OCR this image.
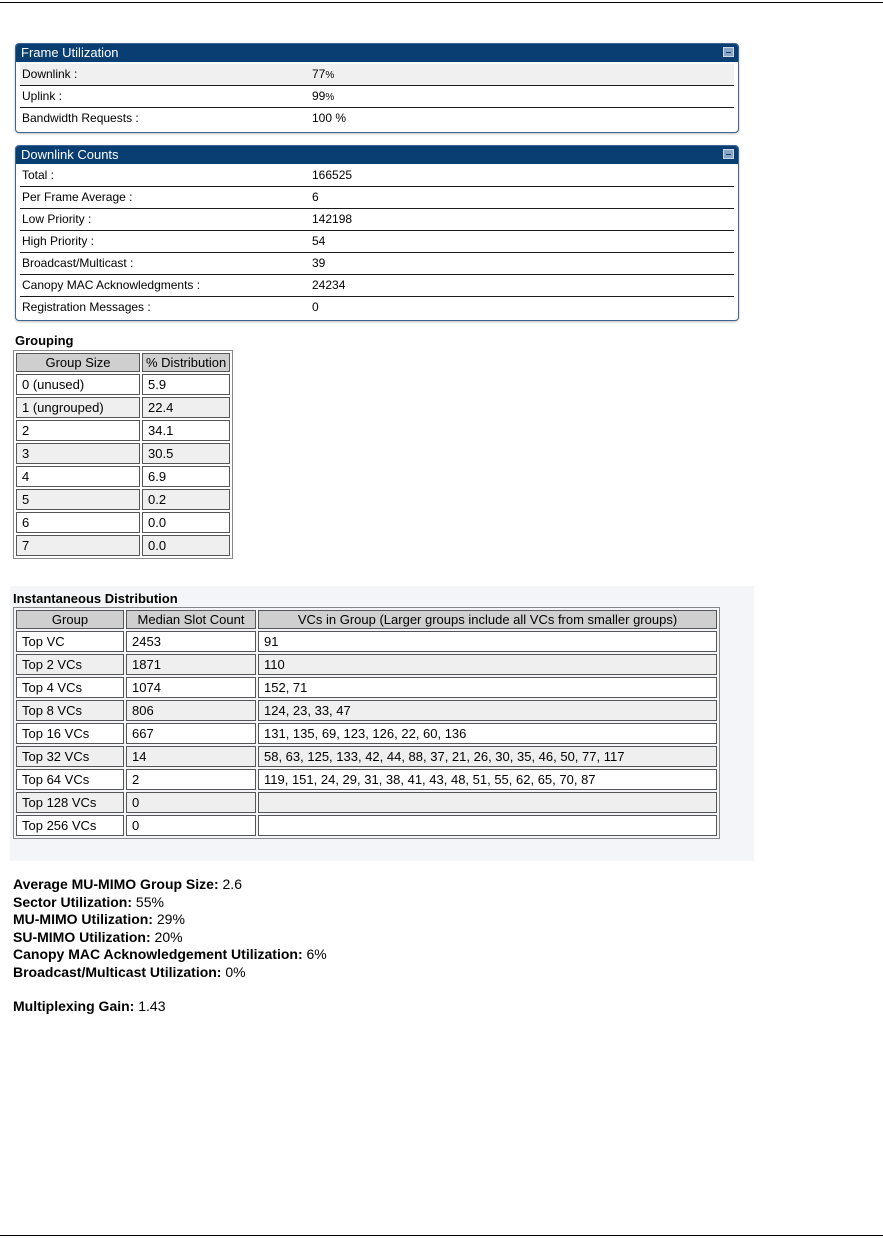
Frame Utilization
Downlink :	77%
Uplink :	99%
Bandwidth Requests :	100 %
Downlink Counts
Total :	166525
Per Frame Average :	6
Low Priority :	142198
High Priority :	54
Broadcast/Multicast :	39
Canopy MAC Acknowledgments :	24234
Registration Messages :	0
Grouping
Group Size	% Distribution
0 (unused)	5.9
1 (ungrouped)	22.4
2	34.1
3	30.5
4	6.9
5	0.2
6	0.0
7	0.0
Instantaneous Distribution
Group	Median Slot Count	VCs in Group (Larger groups include all VCs from smaller groups)
Top VC	2453	91
Top 2 VCs	1871	110
Top 4 VCs	1074	152, 71
Top 8 VCs	806	124, 23, 33, 47
Top 16 VCs	667	131, 135, 69, 123, 126, 22, 60, 136
Top 32 VCs	14	58, 63, 125, 133, 42, 44, 88, 37, 21, 26, 30, 35, 46, 50, 77, 117
Top 64 VCs	2	119, 151, 24, 29, 31, 38, 41, 43, 48, 51, 55, 62, 65, 70, 87
Top 128 VCs	0	
Top 256 VCs	0	
Average MU-MIMO Group Size: 2.6
Sector Utilization: 55%
MU-MIMO Utilization: 29%
SU-MIMO Utilization: 20%
Canopy MAC Acknowledgement Utilization: 6%
Broadcast/Multicast Utilization: 0%
Multiplexing Gain: 1.43
